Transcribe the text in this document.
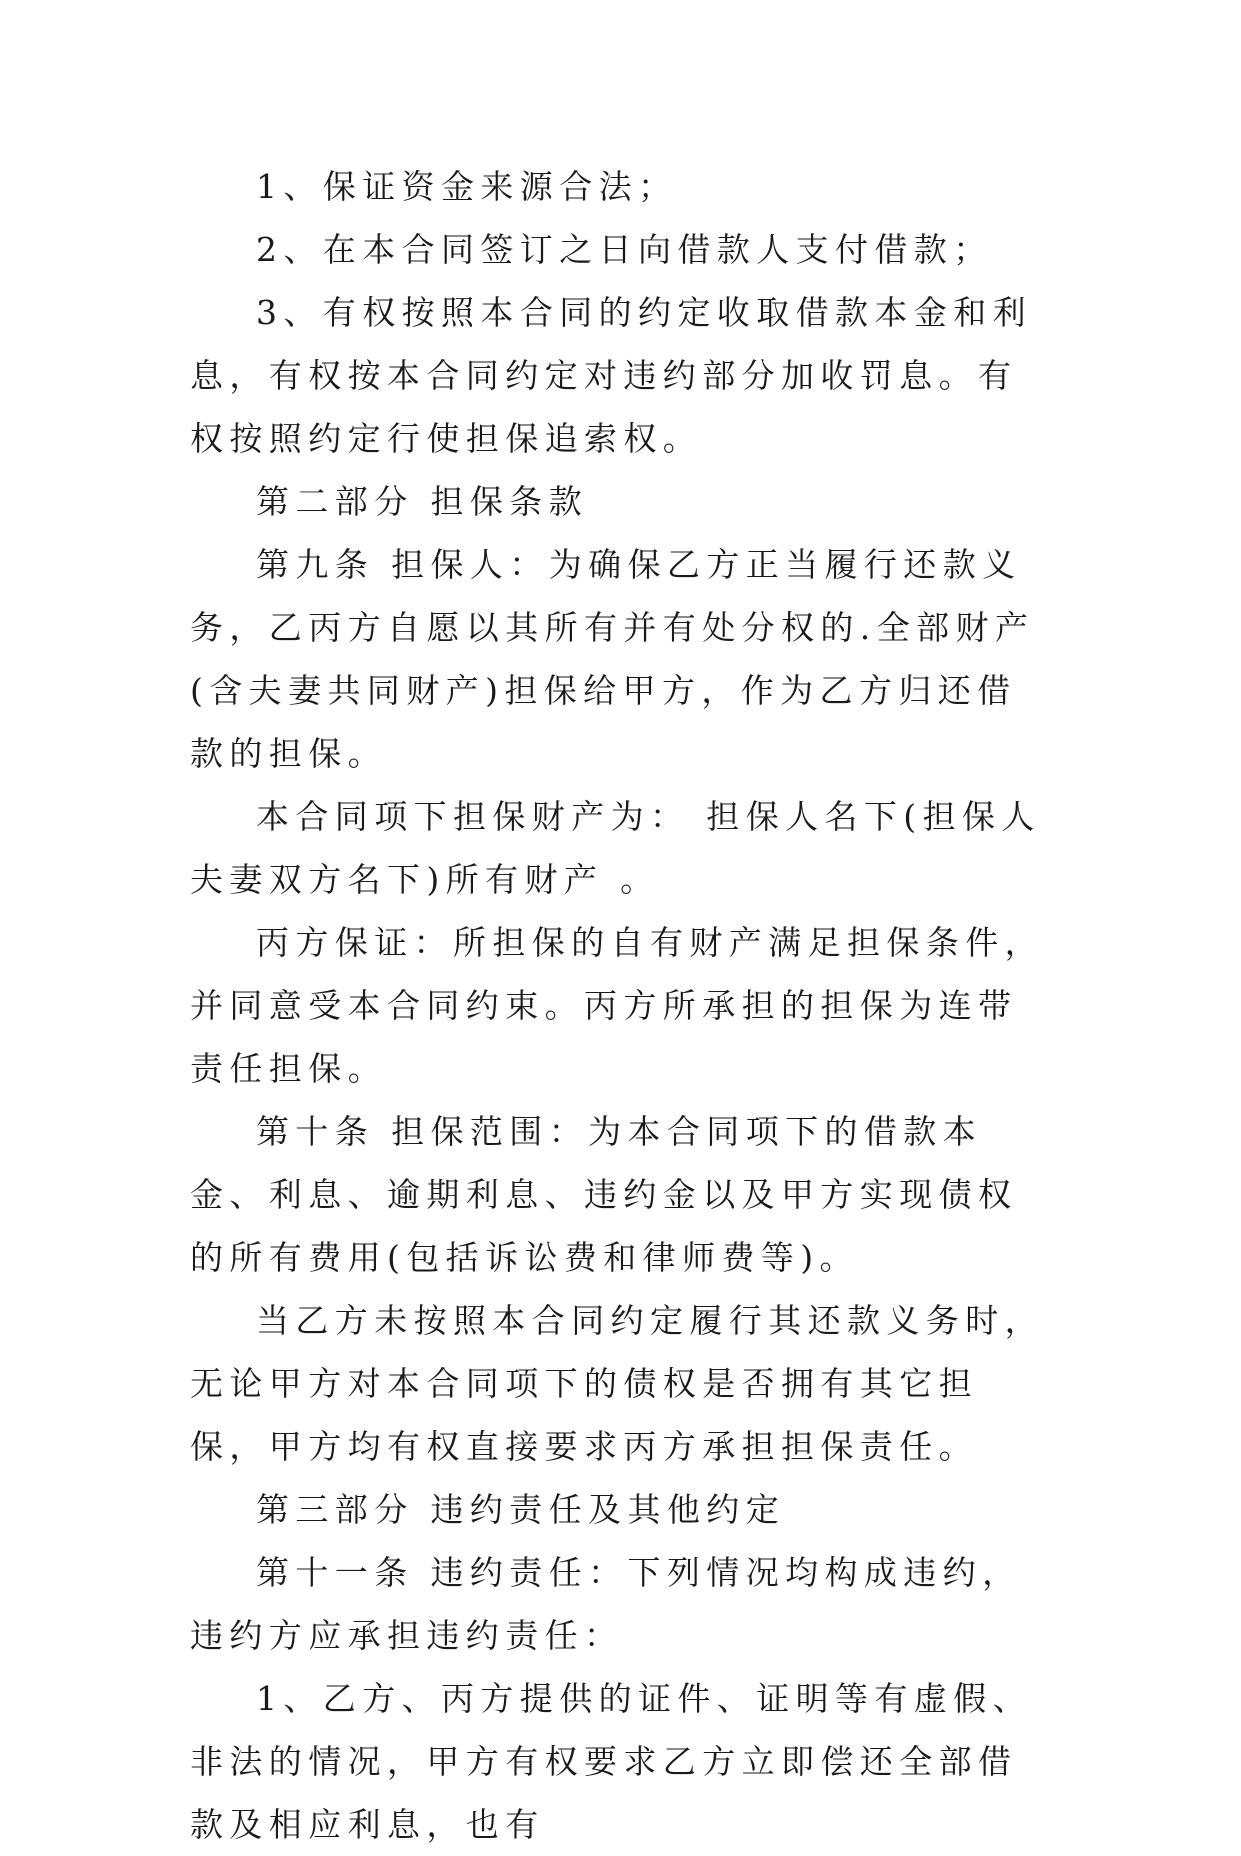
1、保证资金来源合法；

2、在本合同签订之日向借款人支付借款；

3、有权按照本合同的约定收取借款本金和利息，有权按本合同约定对违约部分加收罚息。有权按照约定行使担保追索权。

第二部分 担保条款

第九条 担保人：为确保乙方正当履行还款义务，乙丙方自愿以其所有并有处分权的.全部财产(含夫妻共同财产)担保给甲方，作为乙方归还借款的担保。

本合同项下担保财产为： 担保人名下(担保人夫妻双方名下)所有财产 。

丙方保证：所担保的自有财产满足担保条件，并同意受本合同约束。丙方所承担的担保为连带责任担保。

第十条 担保范围：为本合同项下的借款本金、利息、逾期利息、违约金以及甲方实现债权的所有费用(包括诉讼费和律师费等)。

当乙方未按照本合同约定履行其还款义务时，无论甲方对本合同项下的债权是否拥有其它担保，甲方均有权直接要求丙方承担担保责任。

第三部分 违约责任及其他约定

第十一条 违约责任：下列情况均构成违约，违约方应承担违约责任：

1、乙方、丙方提供的证件、证明等有虚假、非法的情况，甲方有权要求乙方立即偿还全部借款及相应利息，也有
